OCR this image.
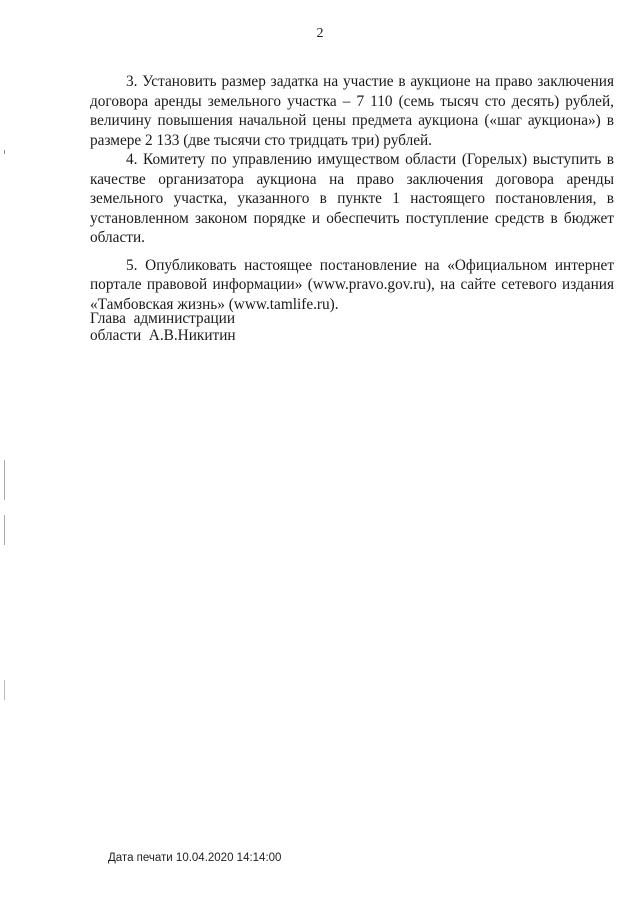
2

3. Установить размер задатка на участие в аукционе на право заключения договора аренды земельного участка – 7 110 (семь тысяч сто десять) рублей, величину повышения начальной цены предмета аукциона («шаг аукциона») в размере 2 133 (две тысячи сто тридцать три) рублей.

4. Комитету по управлению имуществом области (Горелых) выступить в качестве организатора аукциона на право заключения договора аренды земельного участка, указанного в пункте 1 настоящего постановления, в установленном законом порядке и обеспечить поступление средств в бюджет области.

5. Опубликовать настоящее постановление на «Официальном интернет портале правовой информации» (www.pravo.gov.ru), на сайте сетевого издания «Тамбовская жизнь» (www.tamlife.ru).

Глава  администрации
области  А.В.Никитин
Дата печати 10.04.2020 14:14:00
